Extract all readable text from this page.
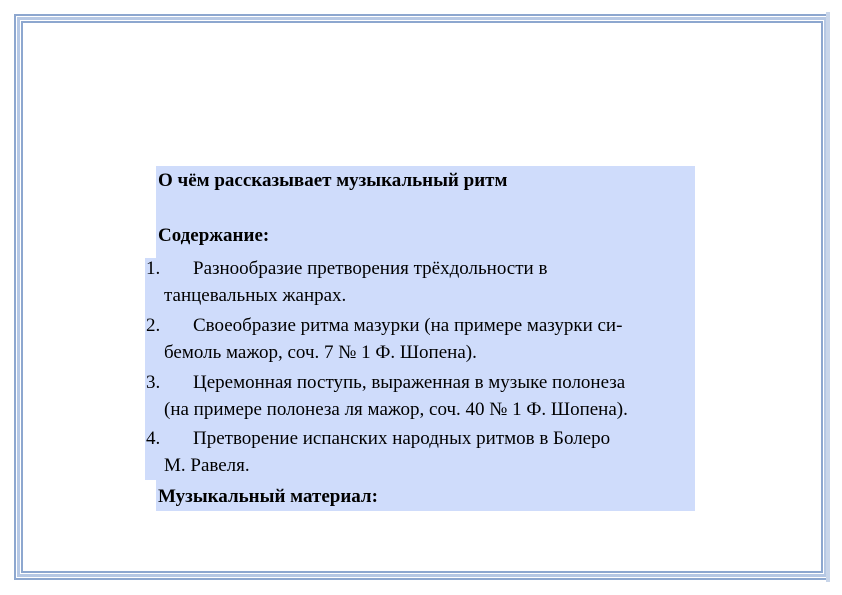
О чём рассказывает музыкальный ритм
Содержание:
1. Разнообразие претворения трёхдольности в
танцевальных жанрах.
2. Своеобразие ритма мазурки (на примере мазурки си-
бемоль мажор, соч. 7 № 1 Ф. Шопена).
3. Церемонная поступь, выраженная в музыке полонеза
(на примере полонеза ля мажор, соч. 40 № 1 Ф. Шопена).
4. Претворение испанских народных ритмов в Болеро
М. Равеля.
Музыкальный материал:
